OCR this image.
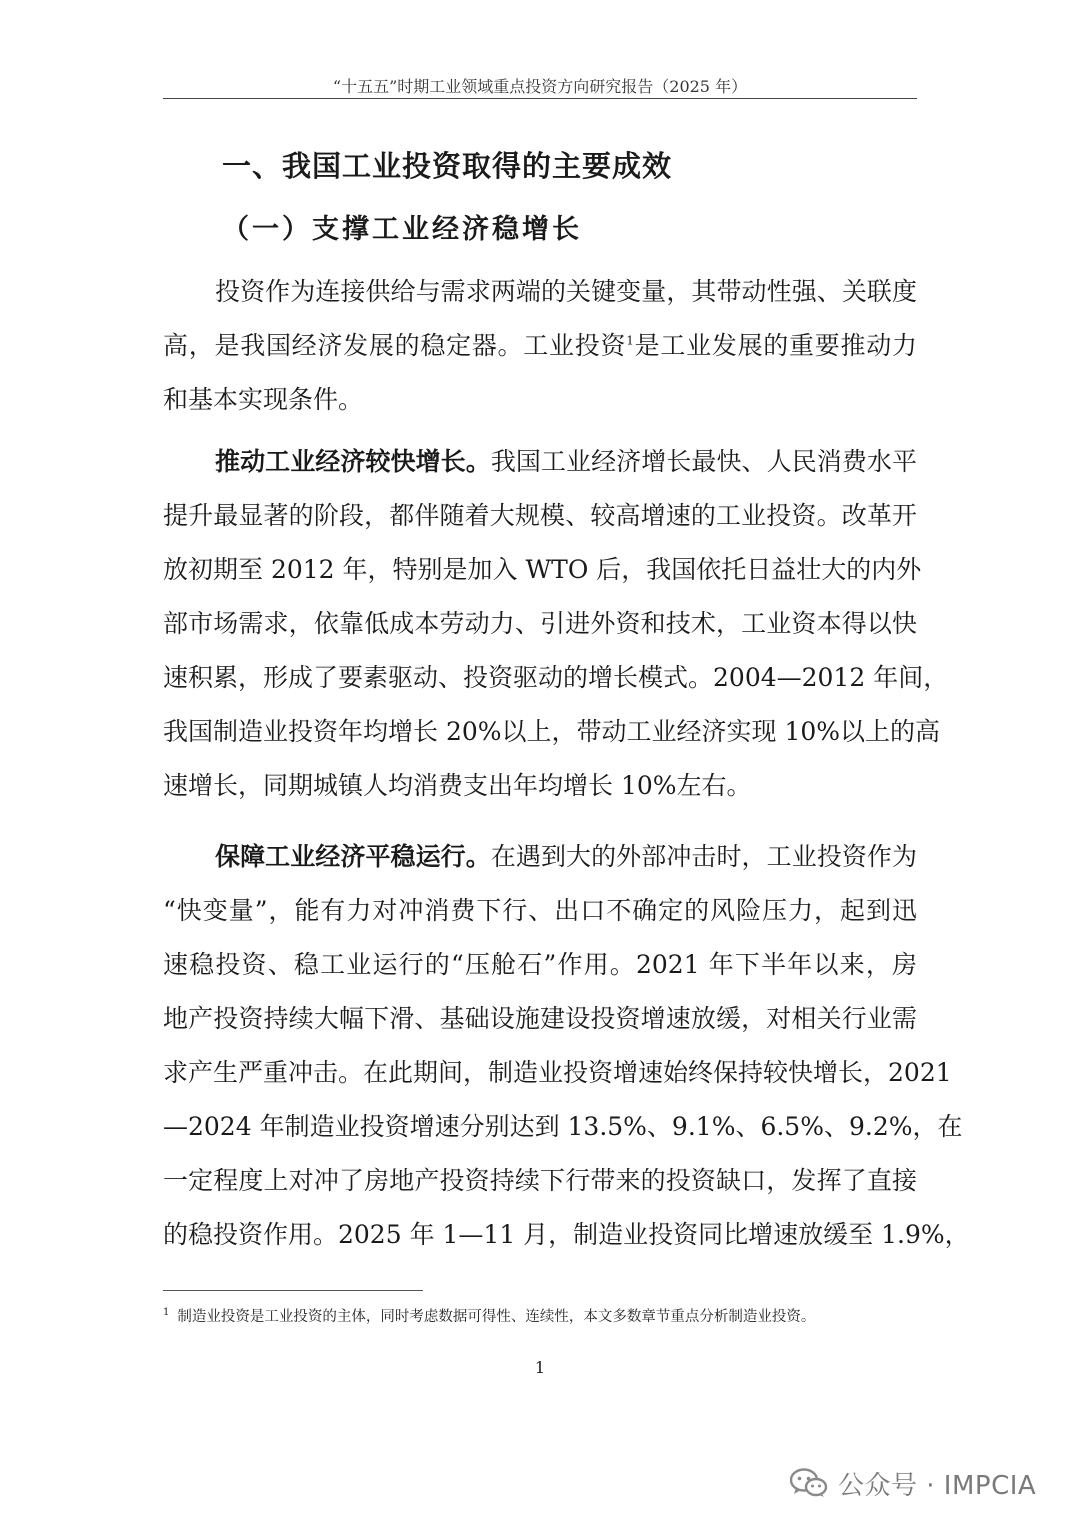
“十五五”时期工业领域重点投资方向研究报告（2025 年）
一、我国工业投资取得的主要成效
（一）支撑工业经济稳增长
投资作为连接供给与需求两端的关键变量，其带动性强、关联度
高，是我国经济发展的稳定器。工业投资$^1$是工业发展的重要推动力
和基本实现条件。
推动工业经济较快增长。我国工业经济增长最快、人民消费水平
提升最显著的阶段，都伴随着大规模、较高增速的工业投资。改革开
放初期至 2012 年，特别是加入 WTO 后，我国依托日益壮大的内外
部市场需求，依靠低成本劳动力、引进外资和技术，工业资本得以快
速积累，形成了要素驱动、投资驱动的增长模式。2004—2012 年间，
我国制造业投资年均增长 20%以上，带动工业经济实现 10%以上的高
速增长，同期城镇人均消费支出年均增长 10%左右。
保障工业经济平稳运行。在遇到大的外部冲击时，工业投资作为
“快变量”，能有力对冲消费下行、出口不确定的风险压力，起到迅
速稳投资、稳工业运行的“压舱石”作用。2021 年下半年以来，房
地产投资持续大幅下滑、基础设施建设投资增速放缓，对相关行业需
求产生严重冲击。在此期间，制造业投资增速始终保持较快增长，2021
—2024 年制造业投资增速分别达到 13.5%、9.1%、6.5%、9.2%，在
一定程度上对冲了房地产投资持续下行带来的投资缺口，发挥了直接
的稳投资作用。2025 年 1—11 月，制造业投资同比增速放缓至 1.9%，
$^1$ 制造业投资是工业投资的主体，同时考虑数据可得性、连续性，本文多数章节重点分析制造业投资。
1
公众号 · IMPCIA
